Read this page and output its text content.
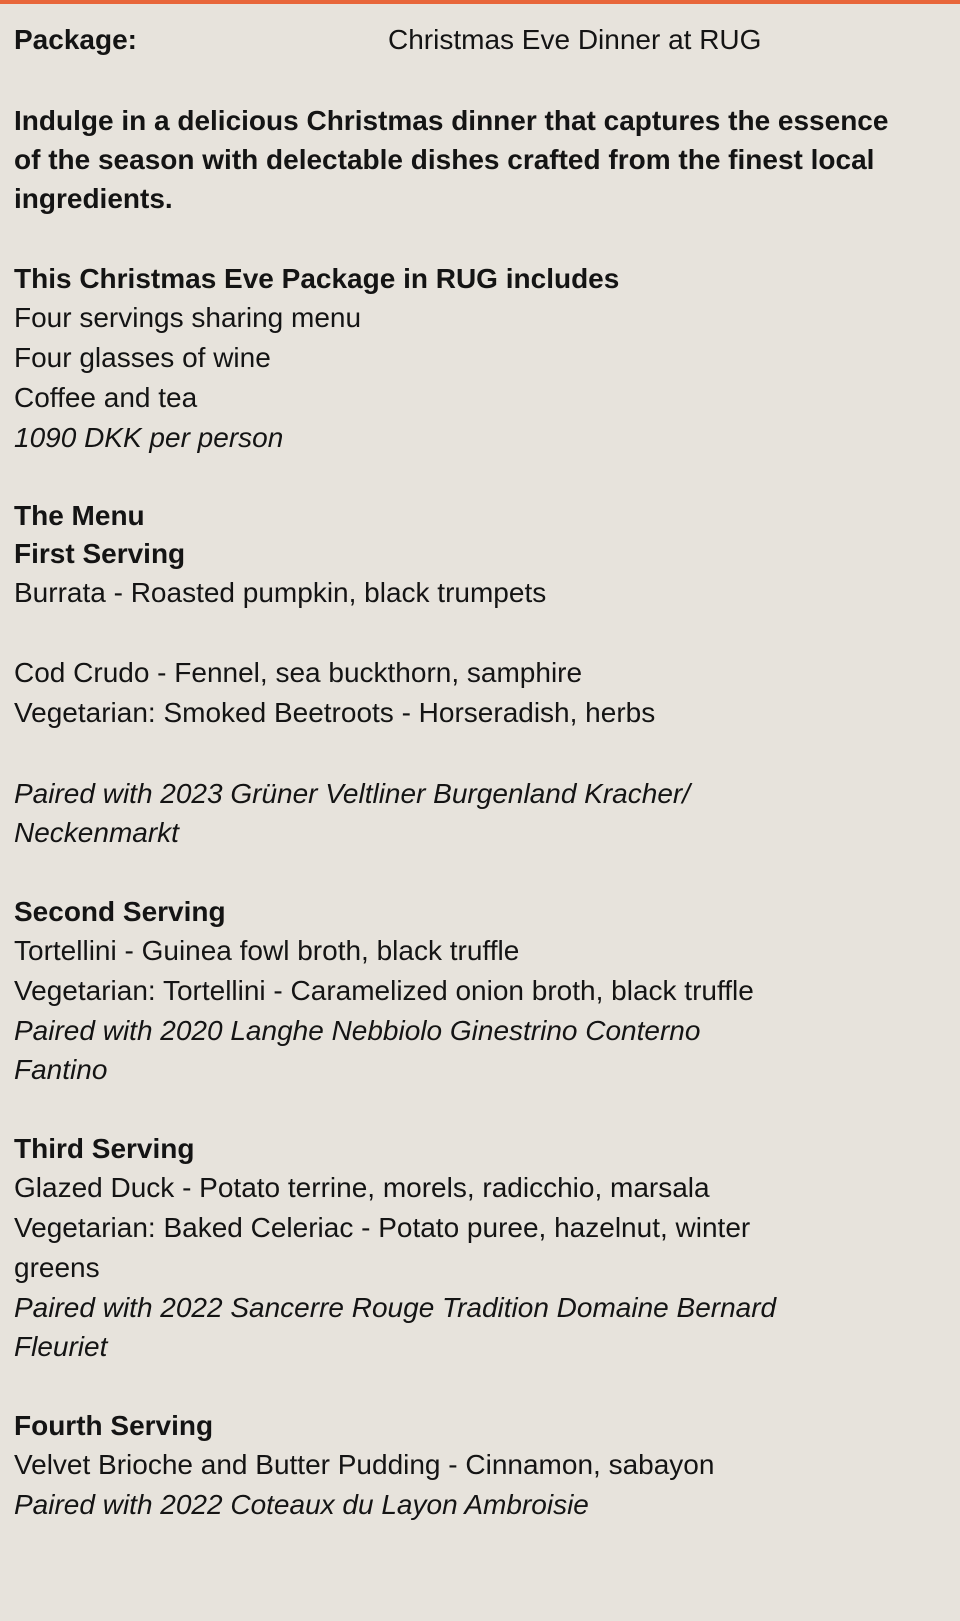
Package:	Christmas Eve Dinner at RUG
Indulge in a delicious Christmas dinner that captures the essence of the season with delectable dishes crafted from the finest local ingredients.
This Christmas Eve Package in RUG includes
Four servings sharing menu
Four glasses of wine
Coffee and tea
1090 DKK per person
The Menu
First Serving
Burrata - Roasted pumpkin, black trumpets
Cod Crudo - Fennel, sea buckthorn, samphire
Vegetarian: Smoked Beetroots - Horseradish, herbs
Paired with 2023 Grüner Veltliner Burgenland Kracher/
Neckenmarkt
Second Serving
Tortellini - Guinea fowl broth, black truffle
Vegetarian: Tortellini - Caramelized onion broth, black truffle
Paired with 2020 Langhe Nebbiolo Ginestrino Conterno
Fantino
Third Serving
Glazed Duck - Potato terrine, morels, radicchio, marsala
Vegetarian: Baked Celeriac - Potato puree, hazelnut, winter
greens
Paired with 2022 Sancerre Rouge Tradition Domaine Bernard
Fleuriet
Fourth Serving
Velvet Brioche and Butter Pudding - Cinnamon, sabayon
Paired with 2022 Coteaux du Layon Ambroisie
